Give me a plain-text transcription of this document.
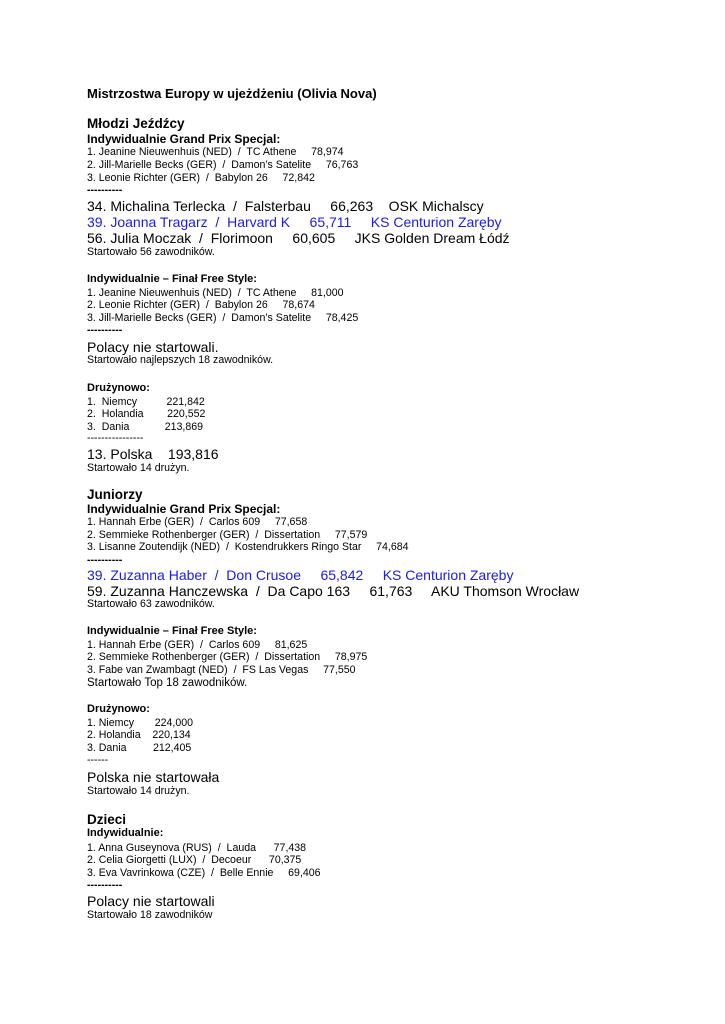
Mistrzostwa Europy w ujeżdżeniu (Olivia Nova)
Młodzi Jeźdźcy
Indywidualnie Grand Prix Specjal:
1. Jeanine Nieuwenhuis (NED)  /  TC Athene     78,974
2. Jill-Marielle Becks (GER)  /  Damon’s Satelite     76,763
3. Leonie Richter (GER)  /  Babylon 26     72,842
----------
34. Michalina Terlecka  /  Falsterbau     66,263    OSK Michalscy
39. Joanna Tragarz  /  Harvard K     65,711     KS Centurion Zaręby
56. Julia Moczak  /  Florimoon     60,605     JKS Golden Dream Łódź
Startowało 56 zawodników.
Indywidualnie – Finał Free Style:
1. Jeanine Nieuwenhuis (NED)  /  TC Athene     81,000
2. Leonie Richter (GER)  /  Babylon 26     78,674
3. Jill-Marielle Becks (GER)  /  Damon’s Satelite     78,425
----------
Polacy nie startowali.
Startowało najlepszych 18 zawodników.
Drużynowo:
1.  Niemcy          221,842
2.  Holandia        220,552
3.  Dania            213,869
----------------
13. Polska    193,816
Startowało 14 drużyn.
Juniorzy
Indywidualnie Grand Prix Specjal:
1. Hannah Erbe (GER)  /  Carlos 609     77,658
2. Semmieke Rothenberger (GER)  /  Dissertation     77,579
3. Lisanne Zoutendijk (NED)  /  Kostendrukkers Ringo Star     74,684
----------
39. Zuzanna Haber  /  Don Crusoe     65,842     KS Centurion Zaręby
59. Zuzanna Hanczewska  /  Da Capo 163     61,763     AKU Thomson Wrocław
Startowało 63 zawodników.
Indywidualnie – Finał Free Style:
1. Hannah Erbe (GER)  /  Carlos 609     81,625
2. Semmieke Rothenberger (GER)  /  Dissertation     78,975
3. Fabe van Zwambagt (NED)  /  FS Las Vegas     77,550
Startowało Top 18 zawodników.
Drużynowo:
1. Niemcy       224,000
2. Holandia    220,134
3. Dania         212,405
------
Polska nie startowała
Startowało 14 drużyn.
Dzieci
Indywidualnie:
1. Anna Guseynova (RUS)  /  Lauda      77,438
2. Celia Giorgetti (LUX)  /  Decoeur      70,375
3. Eva Vavrinkowa (CZE)  /  Belle Ennie     69,406
----------
Polacy nie startowali
Startowało 18 zawodników
